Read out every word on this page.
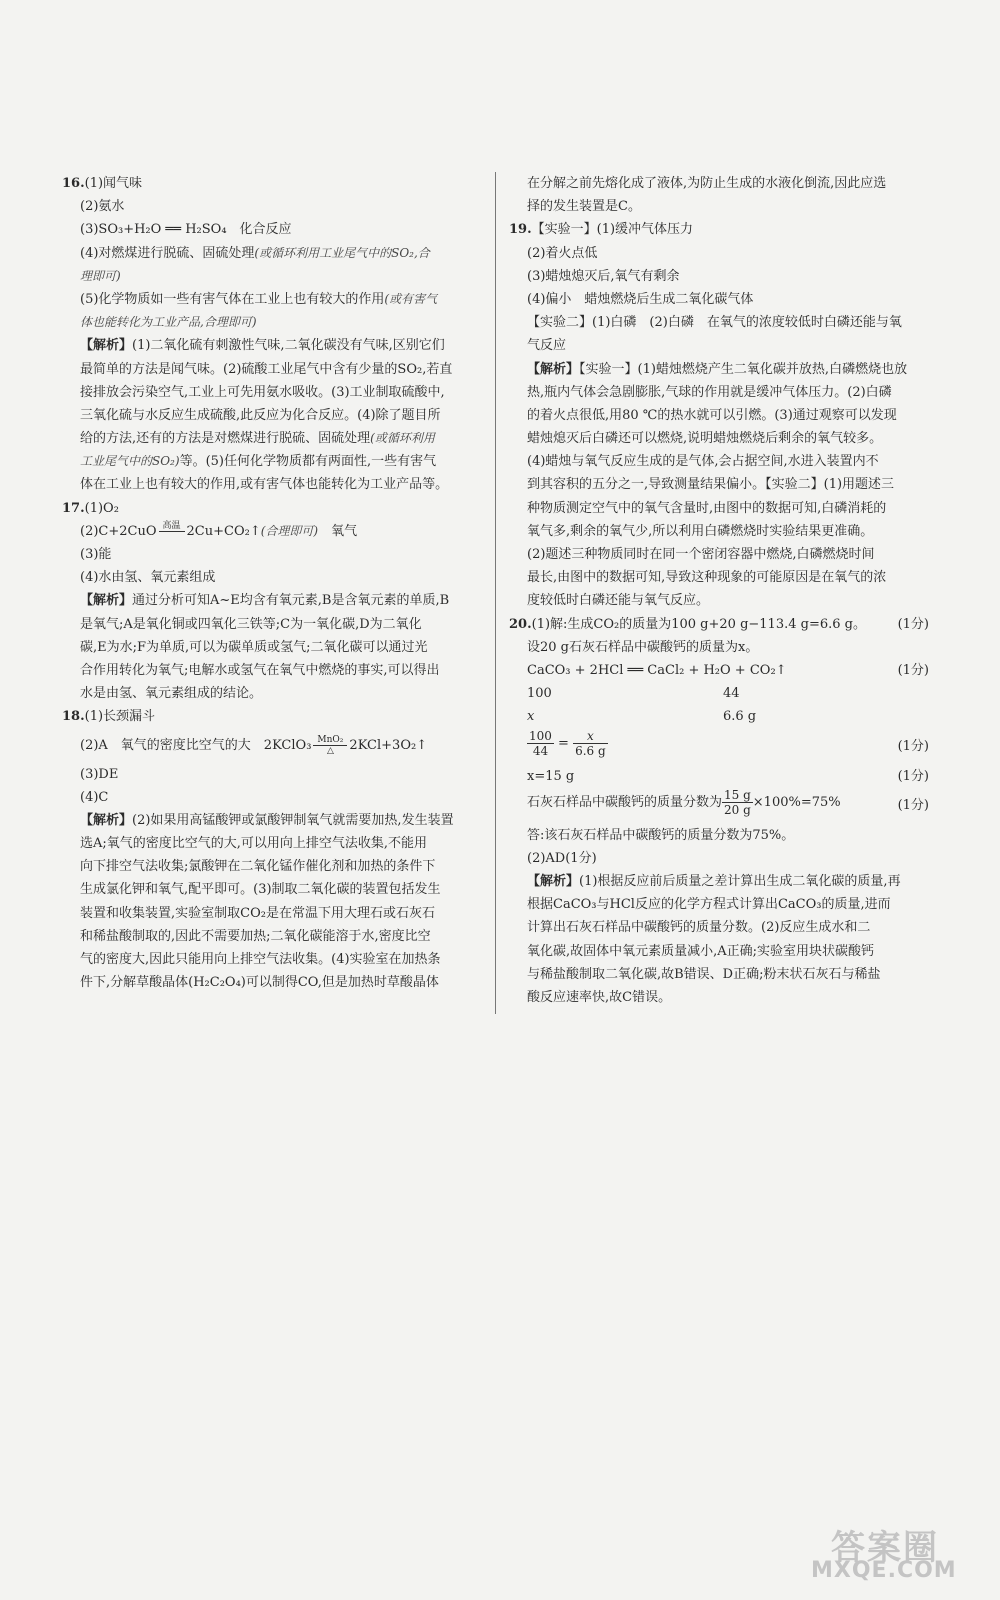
16.(1)闻气味
(2)氨水
(3)SO₃+H₂O ══ H₂SO₄　化合反应
(4)对燃煤进行脱硫、固硫处理(或循环利用工业尾气中的SO₂,合
理即可)
(5)化学物质如一些有害气体在工业上也有较大的作用(或有害气
体也能转化为工业产品,合理即可)
【解析】(1)二氧化硫有刺激性气味,二氧化碳没有气味,区别它们
最简单的方法是闻气味。(2)硫酸工业尾气中含有少量的SO₂,若直
接排放会污染空气,工业上可先用氨水吸收。(3)工业制取硫酸中,
三氧化硫与水反应生成硫酸,此反应为化合反应。(4)除了题目所
给的方法,还有的方法是对燃煤进行脱硫、固硫处理(或循环利用
工业尾气中的SO₂)等。(5)任何化学物质都有两面性,一些有害气
体在工业上也有较大的作用,或有害气体也能转化为工业产品等。
17.(1)O₂
(2)C+2CuO 高温
2Cu+CO₂↑(合理即可)　 氧气
(3)能
(4)水由氢、氧元素组成
【解析】通过分析可知A~E均含有氧元素,B是含氧元素的单质,B
是氧气;A是氧化铜或四氧化三铁等;C为一氧化碳,D为二氧化
碳,E为水;F为单质,可以为碳单质或氢气;二氧化碳可以通过光
合作用转化为氧气;电解水或氢气在氧气中燃烧的事实,可以得出
水是由氢、氧元素组成的结论。
18.(1)长颈漏斗
(2)A　氧气的密度比空气的大　2KClO₃ MnO₂
△	2KCl+3O₂↑
(3)DE
(4)C
【解析】(2)如果用高锰酸钾或氯酸钾制氧气就需要加热,发生装置
选A;氧气的密度比空气的大,可以用向上排空气法收集,不能用
向下排空气法收集;氯酸钾在二氧化锰作催化剂和加热的条件下
生成氯化钾和氧气,配平即可。(3)制取二氧化碳的装置包括发生
装置和收集装置,实验室制取CO₂是在常温下用大理石或石灰石
和稀盐酸制取的,因此不需要加热;二氧化碳能溶于水,密度比空
气的密度大,因此只能用向上排空气法收集。(4)实验室在加热条
件下,分解草酸晶体(H₂C₂O₄)可以制得CO,但是加热时草酸晶体
在分解之前先熔化成了液体,为防止生成的水液化倒流,因此应选
择的发生装置是C。
19.【实验一】(1)缓冲气体压力
(2)着火点低
(3)蜡烛熄灭后,氧气有剩余
(4)偏小　蜡烛燃烧后生成二氧化碳气体
【实验二】(1)白磷　(2)白磷　在氧气的浓度较低时白磷还能与氧
气反应
【解析】【实验一】(1)蜡烛燃烧产生二氧化碳并放热,白磷燃烧也放
热,瓶内气体会急剧膨胀,气球的作用就是缓冲气体压力。(2)白磷
的着火点很低,用80 ℃的热水就可以引燃。(3)通过观察可以发现
蜡烛熄灭后白磷还可以燃烧,说明蜡烛燃烧后剩余的氧气较多。
(4)蜡烛与氧气反应生成的是气体,会占据空间,水进入装置内不
到其容积的五分之一,导致测量结果偏小。【实验二】(1)用题述三
种物质测定空气中的氧气含量时,由图中的数据可知,白磷消耗的
氧气多,剩余的氧气少,所以利用白磷燃烧时实验结果更准确。
(2)题述三种物质同时在同一个密闭容器中燃烧,白磷燃烧时间
最长,由图中的数据可知,导致这种现象的可能原因是在氧气的浓
度较低时白磷还能与氧气反应。
20.(1)解:生成CO₂的质量为100 g+20 g−113.4 g=6.6 g。 (1分)
设20 g石灰石样品中碳酸钙的质量为x。
CaCO₃ + 2HCl ══ CaCl₂ + H₂O + CO₂↑	(1分)
100	44
x	6.6 g
$\frac{100}{44} = \frac{x}{6.6 g}$	(1分)
x=15 g	(1分)
石灰石样品中碳酸钙的质量分数为 $\frac{15 g}{20 g} \times 100\%=75\%$	(1分)
答:该石灰石样品中碳酸钙的质量分数为75%。
(2)AD(1分)
【解析】(1)根据反应前后质量之差计算出生成二氧化碳的质量,再
根据CaCO₃与HCl反应的化学方程式计算出CaCO₃的质量,进而
计算出石灰石样品中碳酸钙的质量分数。(2)反应生成水和二
氧化碳,故固体中氧元素质量减小,A正确;实验室用块状碳酸钙
与稀盐酸制取二氧化碳,故B错误、D正确;粉末状石灰石与稀盐
酸反应速率快,故C错误。
答案圈
MXQE.COM
